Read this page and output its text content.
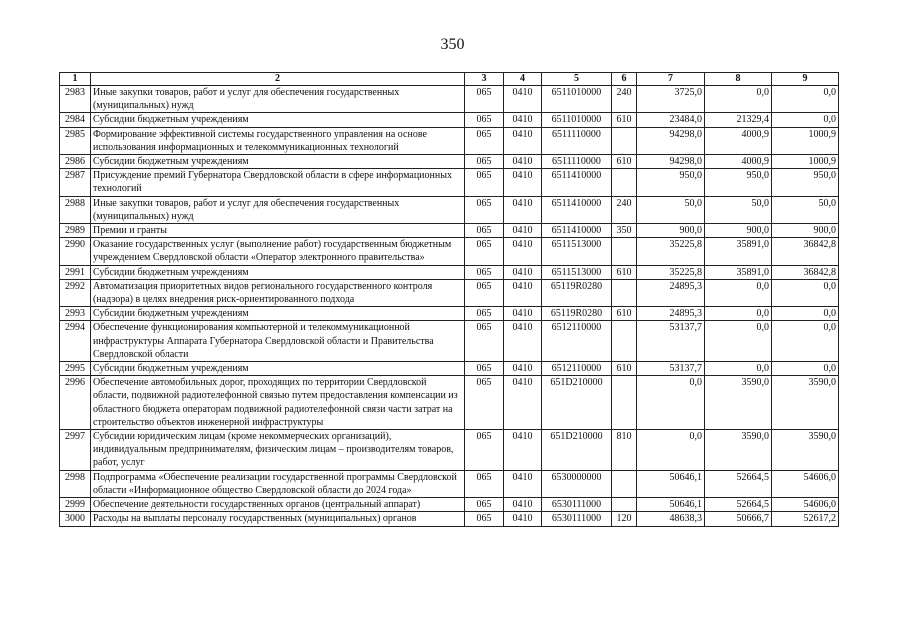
350
1	2	3	4	5	6	7	8	9
2983	Иные закупки товаров, работ и услуг для обеспечения государственных (муниципальных) нужд	065	0410	6511010000	240	3725,0	0,0	0,0
2984	Субсидии бюджетным учреждениям	065	0410	6511010000	610	23484,0	21329,4	0,0
2985	Формирование эффективной системы государственного управления на основе использования информационных и телекоммуникационных технологий	065	0410	6511110000		94298,0	4000,9	1000,9
2986	Субсидии бюджетным учреждениям	065	0410	6511110000	610	94298,0	4000,9	1000,9
2987	Присуждение премий Губернатора Свердловской области в сфере информационных технологий	065	0410	6511410000		950,0	950,0	950,0
2988	Иные закупки товаров, работ и услуг для обеспечения государственных (муниципальных) нужд	065	0410	6511410000	240	50,0	50,0	50,0
2989	Премии и гранты	065	0410	6511410000	350	900,0	900,0	900,0
2990	Оказание государственных услуг (выполнение работ) государственным бюджетным учреждением Свердловской области «Оператор электронного правительства»	065	0410	6511513000		35225,8	35891,0	36842,8
2991	Субсидии бюджетным учреждениям	065	0410	6511513000	610	35225,8	35891,0	36842,8
2992	Автоматизация приоритетных видов регионального государственного контроля (надзора) в целях внедрения риск-ориентированного подхода	065	0410	65119R0280		24895,3	0,0	0,0
2993	Субсидии бюджетным учреждениям	065	0410	65119R0280	610	24895,3	0,0	0,0
2994	Обеспечение функционирования компьютерной и телекоммуникационной инфраструктуры Аппарата Губернатора Свердловской области и Правительства Свердловской области	065	0410	6512110000		53137,7	0,0	0,0
2995	Субсидии бюджетным учреждениям	065	0410	6512110000	610	53137,7	0,0	0,0
2996	Обеспечение автомобильных дорог, проходящих по территории Свердловской области, подвижной радиотелефонной связью путем предоставления компенсации из областного бюджета операторам подвижной радиотелефонной связи части затрат на строительство объектов инженерной инфраструктуры	065	0410	651D210000		0,0	3590,0	3590,0
2997	Субсидии юридическим лицам (кроме некоммерческих организаций), индивидуальным предпринимателям, физическим лицам – производителям товаров, работ, услуг	065	0410	651D210000	810	0,0	3590,0	3590,0
2998	Подпрограмма «Обеспечение реализации государственной программы Свердловской области «Информационное общество Свердловской области до 2024 года»	065	0410	6530000000		50646,1	52664,5	54606,0
2999	Обеспечение деятельности государственных органов (центральный аппарат)	065	0410	6530111000		50646,1	52664,5	54606,0
3000	Расходы на выплаты персоналу государственных (муниципальных) органов	065	0410	6530111000	120	48638,3	50666,7	52617,2
